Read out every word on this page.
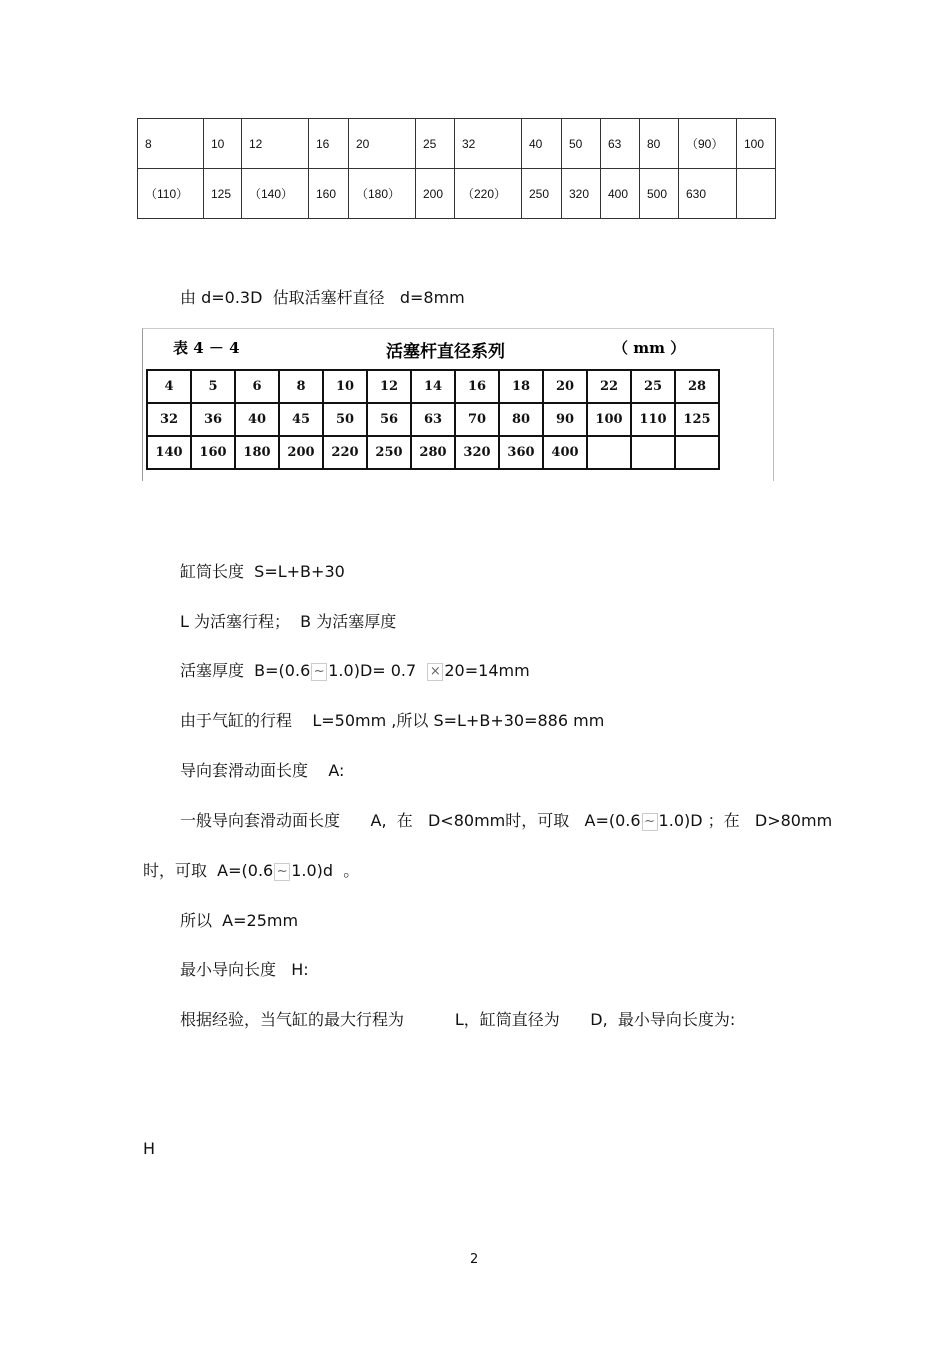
8	10	12	16	20	25	32	40	50	63	80	（90）	100
（110）	125	（140）	160	（180）	200	（220）	250	320	400	500	630	
由 d=0.3D  估取活塞杆直径   d=8mm
表 4 － 4	活塞杆直径系列	（ mm ）
4	5	6	8	10	12	14	16	18	20	22	25	28
32	36	40	45	50	56	63	70	80	90	100	110	125
140	160	180	200	220	250	280	320	360	400			
缸筒长度  S=L+B+30
L 为活塞行程；  B 为活塞厚度
活塞厚度  B=(0.6 ~ 1.0)D= 0.7 × 20=14mm
由于气缸的行程    L=50mm ,所以 S=L+B+30=886 mm
导向套滑动面长度    A:
一般导向套滑动面长度      A,  在   D<80mm时，可取   A=(0.6 ~ 1.0)D ；在   D>80mm
时，可取  A=(0.6 ~ 1.0)d  。
所以  A=25mm
最小导向长度   H:
根据经验，当气缸的最大行程为          L，缸筒直径为      D,  最小导向长度为:
H
2
